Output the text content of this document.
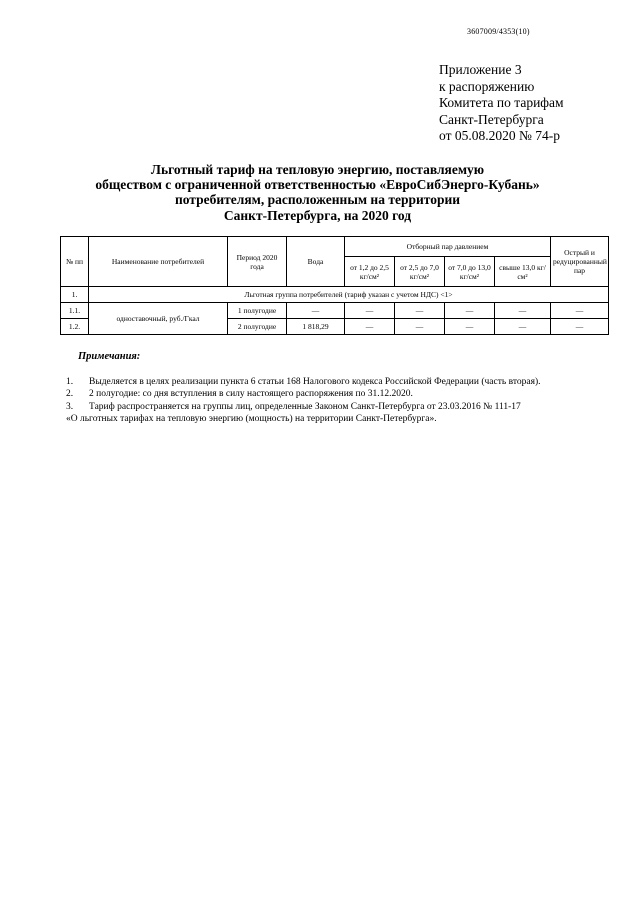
3607009/4353(10)
Приложение 3
к распоряжению
Комитета по тарифам
Санкт-Петербурга
от 05.08.2020 № 74-р
Льготный тариф на тепловую энергию, поставляемую
обществом с ограниченной ответственностью «ЕвроСибЭнерго-Кубань»
потребителям, расположенным на территории
Санкт-Петербурга, на 2020 год
№ пп	Наименование потребителей	Период 2020 года	Вода	Отборный пар давлением				Острый и редуцированный пар
				от 1,2 до 2,5 кг/см²	от 2,5 до 7,0 кг/см²	от 7,0 до 13,0 кг/см²	свыше 13,0 кг/см²	
1.	Льготная группа потребителей (тариф указан с учетом НДС) <1>							
1.1.	одноставочный, руб./Гкал	1 полугодие	—	—	—	—	—	—
1.2.		2 полугодие	1 818,29	—	—	—	—	—
Примечания:
1.	Выделяется в целях реализации пункта 6 статьи 168 Налогового кодекса Российской Федерации (часть вторая).
2.	2 полугодие: со дня вступления в силу настоящего распоряжения по 31.12.2020.
3.	Тариф распространяется на группы лиц, определенные Законом Санкт-Петербурга от 23.03.2016 № 111-17
«О льготных тарифах на тепловую энергию (мощность) на территории Санкт-Петербурга».
